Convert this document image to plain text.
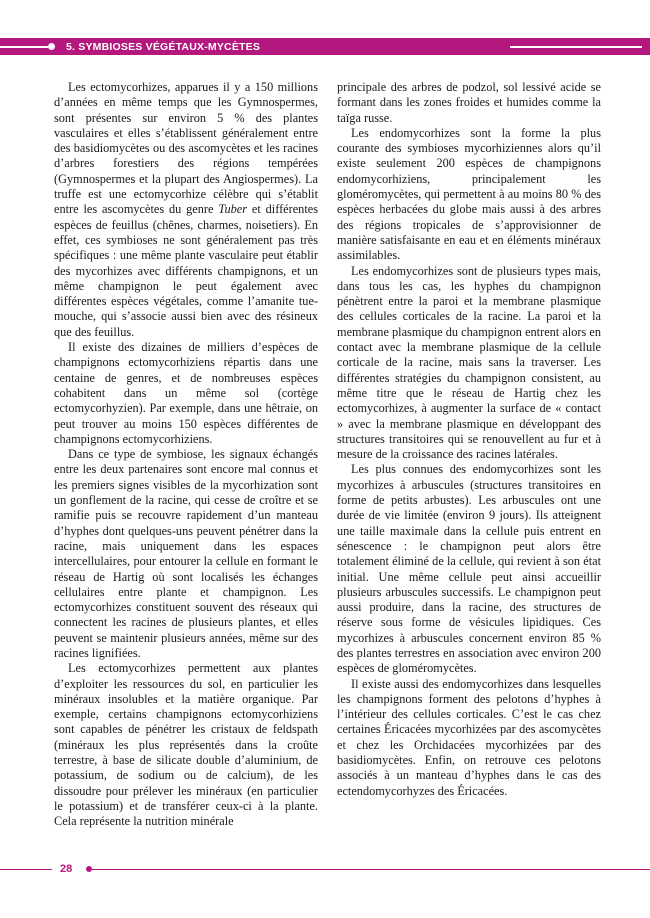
5. SYMBIOSES VÉGÉTAUX-MYCÈTES

Les ectomycorhizes, apparues il y a 150 millions d’années en même temps que les Gymnospermes, sont présentes sur environ 5 % des plantes vasculaires et elles s’établissent généralement entre des basidiomycètes ou des ascomycètes et les racines d’arbres forestiers des régions tempérées (Gymnospermes et la plupart des Angiospermes). La truffe est une ectomycorhize célèbre qui s’établit entre les ascomycètes du genre Tuber et différentes espèces de feuillus (chênes, charmes, noisetiers). En effet, ces symbioses ne sont généralement pas très spécifiques : une même plante vasculaire peut établir des mycorhizes avec différents champignons, et un même champignon le peut également avec différentes espèces végétales, comme l’amanite tue-mouche, qui s’associe aussi bien avec des résineux que des feuillus.

Il existe des dizaines de milliers d’espèces de champignons ectomycorhiziens répartis dans une centaine de genres, et de nombreuses espèces cohabitent dans un même sol (cortège ectomycorhyzien). Par exemple, dans une hêtraie, on peut trouver au moins 150 espèces différentes de champignons ectomycorhiziens.

Dans ce type de symbiose, les signaux échangés entre les deux partenaires sont encore mal connus et les premiers signes visibles de la mycorhization sont un gonflement de la racine, qui cesse de croître et se ramifie puis se recouvre rapidement d’un manteau d’hyphes dont quelques-uns peuvent pénétrer dans la racine, mais uniquement dans les espaces intercellulaires, pour entourer la cellule en formant le réseau de Hartig où sont localisés les échanges cellulaires entre plante et champignon. Les ectomycorhizes constituent souvent des réseaux qui connectent les racines de plusieurs plantes, et elles peuvent se maintenir plusieurs années, même sur des racines lignifiées.

Les ectomycorhizes permettent aux plantes d’exploiter les ressources du sol, en particulier les minéraux insolubles et la matière organique. Par exemple, certains champignons ectomycorhiziens sont capables de pénétrer les cristaux de feldspath (minéraux les plus représentés dans la croûte terrestre, à base de silicate double d’aluminium, de potassium, de sodium ou de calcium), de les dissoudre pour prélever les minéraux (en particulier le potassium) et de transférer ceux-ci à la plante. Cela représente la nutrition minérale

principale des arbres de podzol, sol lessivé acide se formant dans les zones froides et humides comme la taïga russe.

Les endomycorhizes sont la forme la plus courante des symbioses mycorhiziennes alors qu’il existe seulement 200 espèces de champignons endomycorhiziens, principalement les gloméromycètes, qui permettent à au moins 80 % des espèces herbacées du globe mais aussi à des arbres des régions tropicales de s’approvisionner de manière satisfaisante en eau et en éléments minéraux assimilables.

Les endomycorhizes sont de plusieurs types mais, dans tous les cas, les hyphes du champignon pénètrent entre la paroi et la membrane plasmique des cellules corticales de la racine. La paroi et la membrane plasmique du champignon entrent alors en contact avec la membrane plasmique de la cellule corticale de la racine, mais sans la traverser. Les différentes stratégies du champignon consistent, au même titre que le réseau de Hartig chez les ectomycorhizes, à augmenter la surface de « contact » avec la membrane plasmique en développant des structures transitoires qui se renouvellent au fur et à mesure de la croissance des racines latérales.

Les plus connues des endomycorhizes sont les mycorhizes à arbuscules (structures transitoires en forme de petits arbustes). Les arbuscules ont une durée de vie limitée (environ 9 jours). Ils atteignent une taille maximale dans la cellule puis entrent en sénescence : le champignon peut alors être totalement éliminé de la cellule, qui revient à son état initial. Une même cellule peut ainsi accueillir plusieurs arbuscules successifs. Le champignon peut aussi produire, dans la racine, des structures de réserve sous forme de vésicules lipidiques. Ces mycorhizes à arbuscules concernent environ 85 % des plantes terrestres en association avec environ 200 espèces de gloméromycètes.

Il existe aussi des endomycorhizes dans lesquelles les champignons forment des pelotons d’hyphes à l’intérieur des cellules corticales. C’est le cas chez certaines Éricacées mycorhizées par des ascomycètes et chez les Orchidacées mycorhizées par des basidiomycètes. Enfin, on retrouve ces pelotons associés à un manteau d’hyphes dans le cas des ectendomycorhyzes des Éricacées.

28
